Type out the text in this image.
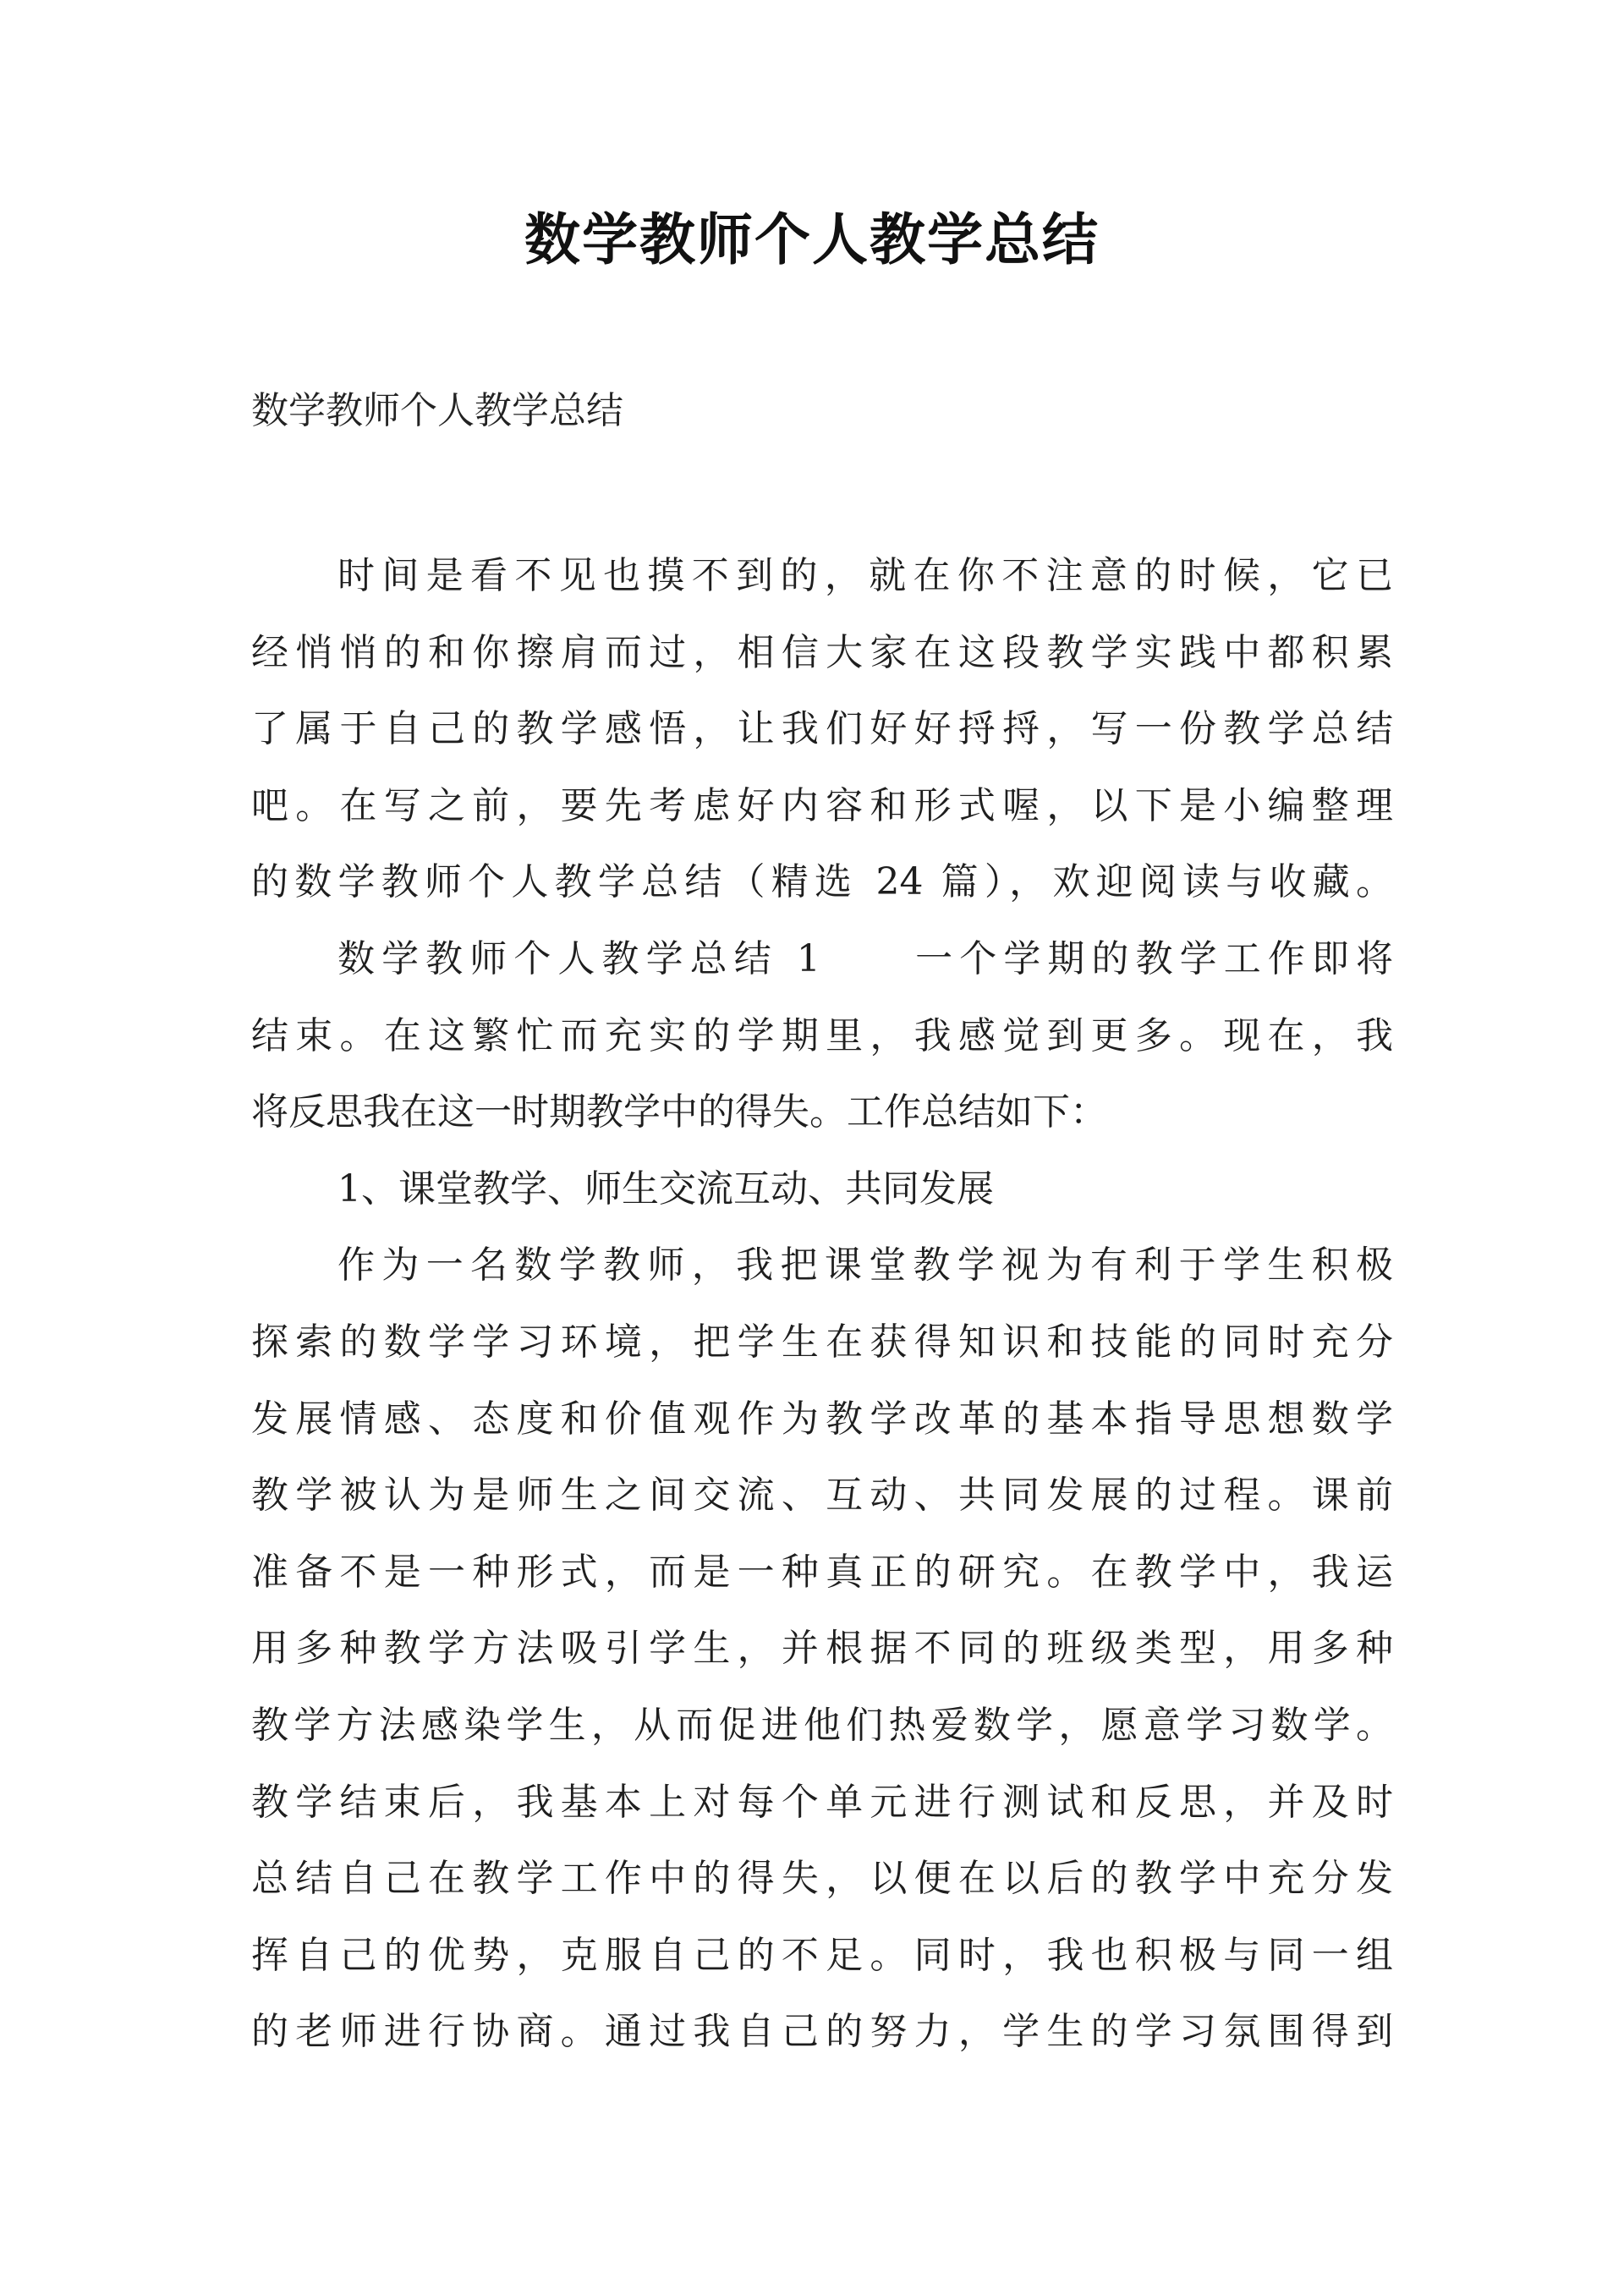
数学教师个人教学总结
数学教师个人教学总结
时间是看不见也摸不到的，就在你不注意的时候，它已
经悄悄的和你擦肩而过，相信大家在这段教学实践中都积累
了属于自己的教学感悟，让我们好好捋捋，写一份教学总结
吧。在写之前，要先考虑好内容和形式喔，以下是小编整理
的数学教师个人教学总结（精选 24 篇），欢迎阅读与收藏。
数学教师个人教学总结 1　　一个学期的教学工作即将
结束。在这繁忙而充实的学期里，我感觉到更多。现在，我
将反思我在这一时期教学中的得失。工作总结如下：
1、课堂教学、师生交流互动、共同发展
作为一名数学教师，我把课堂教学视为有利于学生积极
探索的数学学习环境，把学生在获得知识和技能的同时充分
发展情感、态度和价值观作为教学改革的基本指导思想数学
教学被认为是师生之间交流、互动、共同发展的过程。课前
准备不是一种形式，而是一种真正的研究。在教学中，我运
用多种教学方法吸引学生，并根据不同的班级类型，用多种
教学方法感染学生，从而促进他们热爱数学，愿意学习数学。
教学结束后，我基本上对每个单元进行测试和反思，并及时
总结自己在教学工作中的得失，以便在以后的教学中充分发
挥自己的优势，克服自己的不足。同时，我也积极与同一组
的老师进行协商。通过我自己的努力，学生的学习氛围得到
